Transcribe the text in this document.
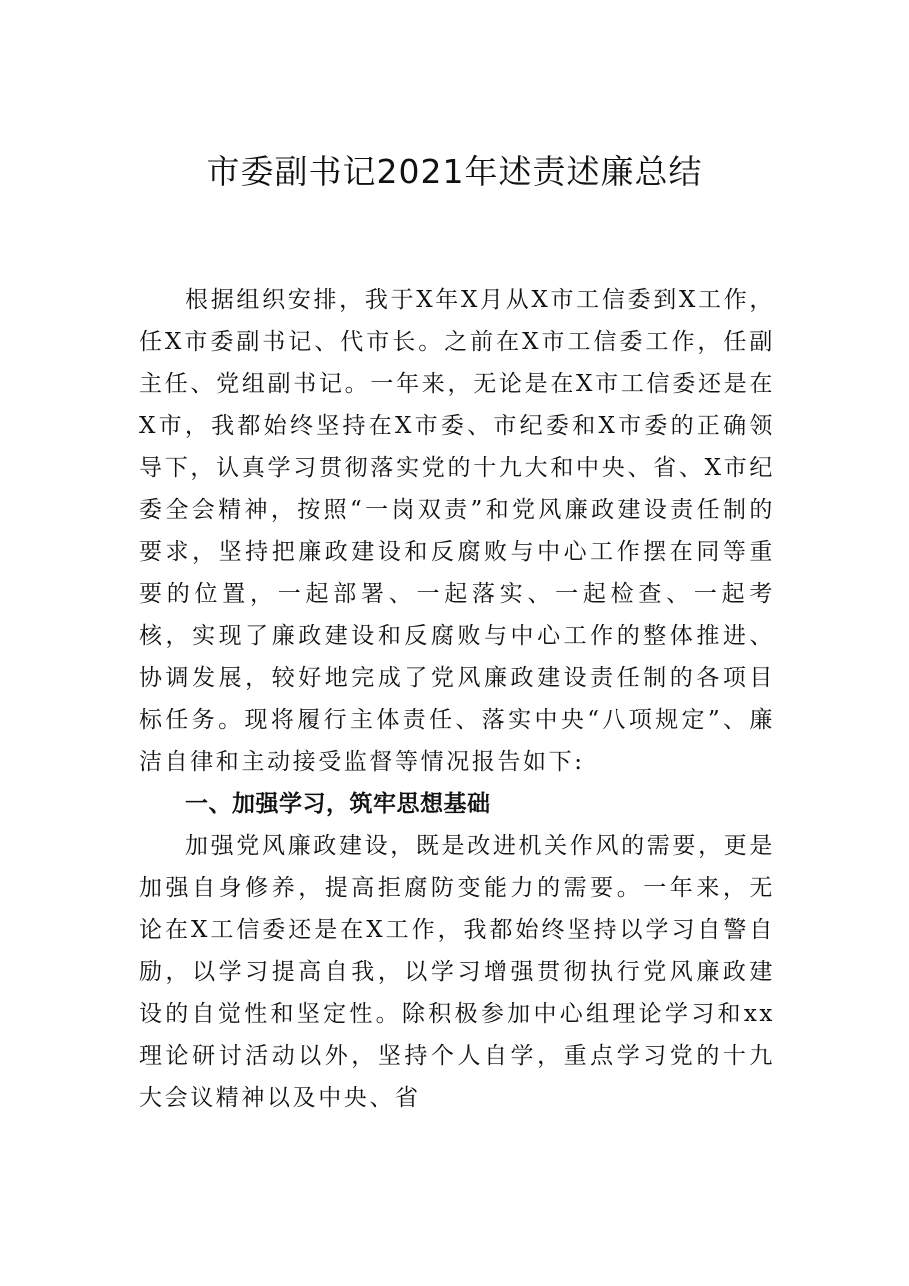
市委副书记2021年述责述廉总结

根据组织安排，我于X年X月从X市工信委到X工作，任X市委副书记、代市长。之前在X市工信委工作，任副主任、党组副书记。一年来，无论是在X市工信委还是在X市，我都始终坚持在X市委、市纪委和X市委的正确领导下，认真学习贯彻落实党的十九大和中央、省、X市纪委全会精神，按照“一岗双责”和党风廉政建设责任制的要求，坚持把廉政建设和反腐败与中心工作摆在同等重要的位置，一起部署、一起落实、一起检查、一起考核，实现了廉政建设和反腐败与中心工作的整体推进、协调发展，较好地完成了党风廉政建设责任制的各项目标任务。现将履行主体责任、落实中央“八项规定”、廉洁自律和主动接受监督等情况报告如下:

一、加强学习，筑牢思想基础

加强党风廉政建设，既是改进机关作风的需要，更是加强自身修养，提高拒腐防变能力的需要。一年来，无论在X工信委还是在X工作，我都始终坚持以学习自警自励，以学习提高自我，以学习增强贯彻执行党风廉政建设的自觉性和坚定性。除积极参加中心组理论学习和xx理论研讨活动以外，坚持个人自学，重点学习党的十九大会议精神以及中央、省
